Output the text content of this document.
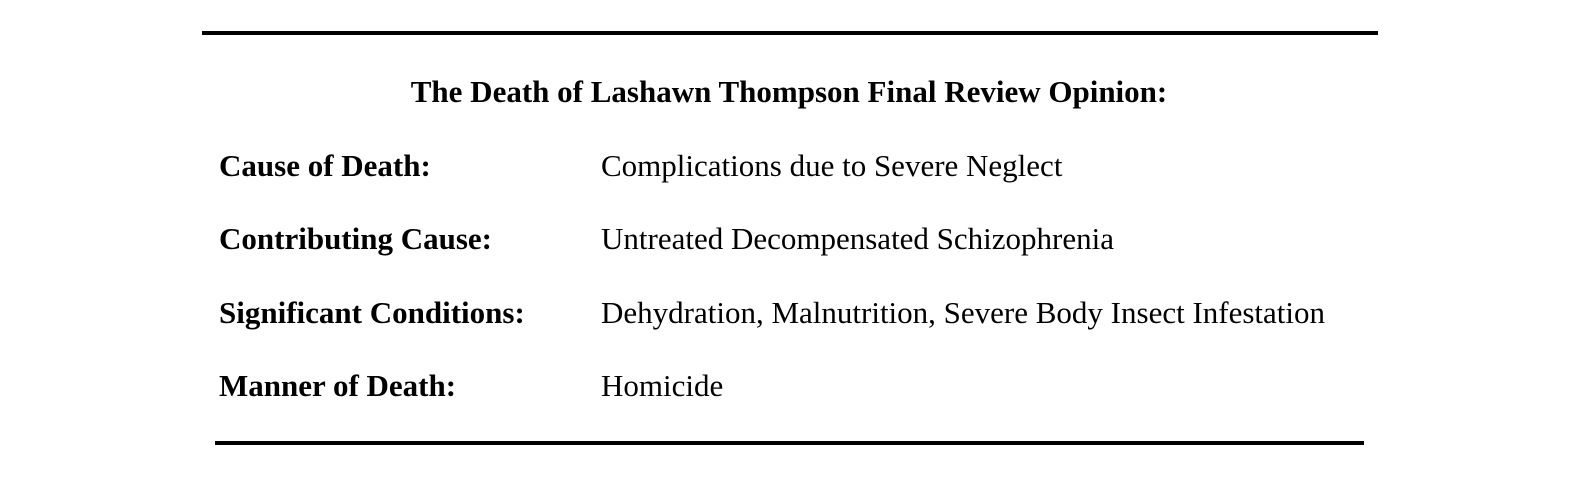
The Death of Lashawn Thompson Final Review Opinion:
Cause of Death:	Complications due to Severe Neglect
Contributing Cause:	Untreated Decompensated Schizophrenia
Significant Conditions: Dehydration, Malnutrition, Severe Body Insect Infestation
Manner of Death:	Homicide
